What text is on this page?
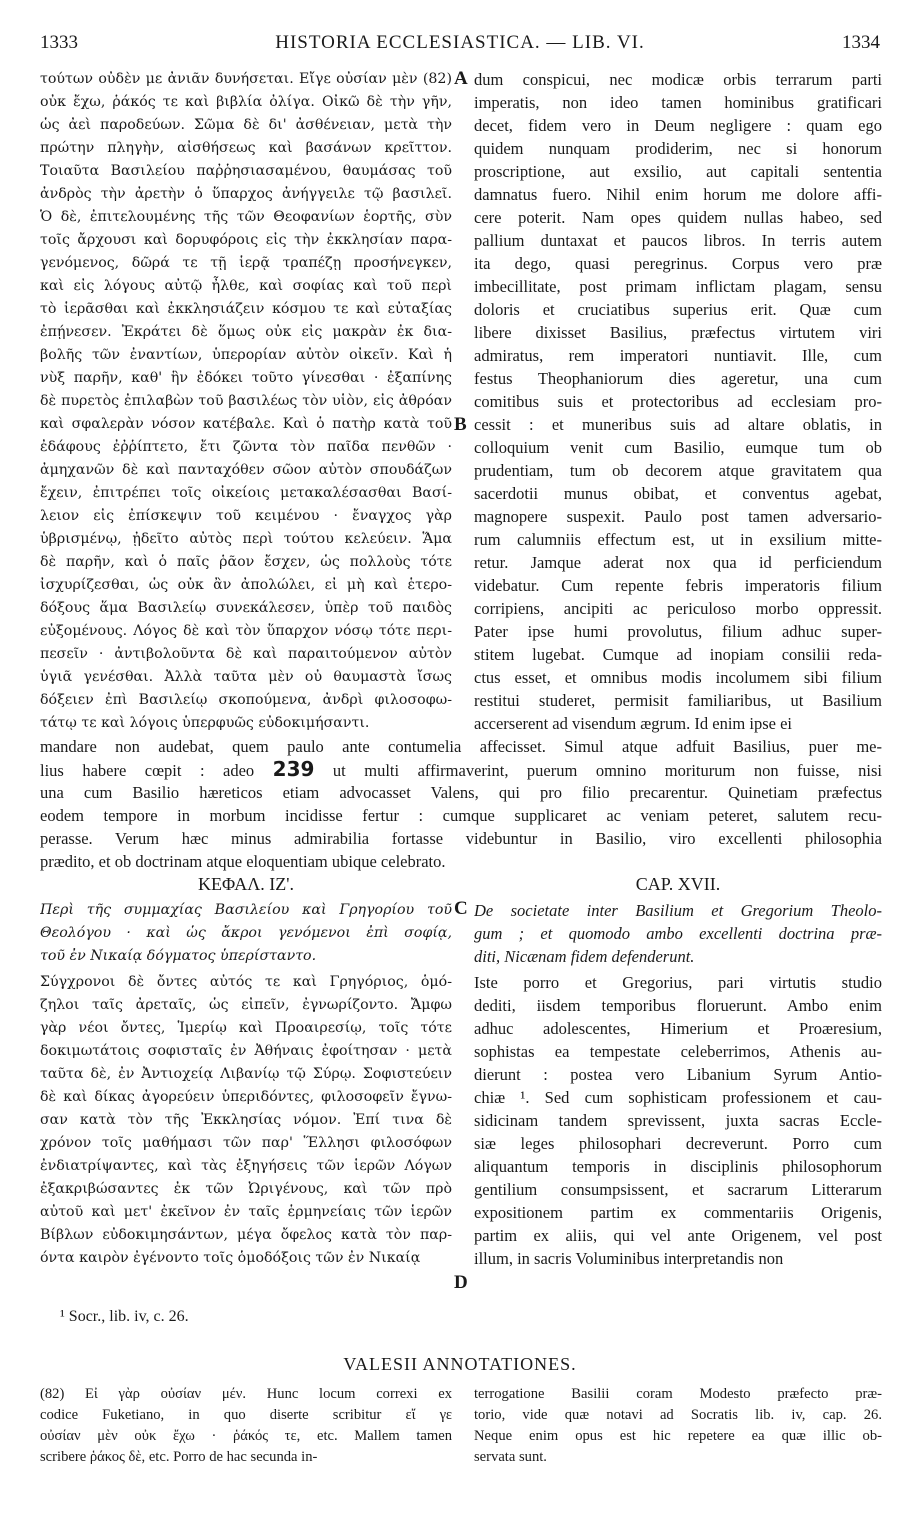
1333	HISTORIA ECCLESIASTICA. — LIB. VI.	1334
τούτων οὐδὲν με ἀνιᾶν δυνήσεται. Εἴγε οὐσίαν μὲν (82)
οὐκ ἔχω, ῥάκός τε καὶ βιβλία ὀλίγα. Οἰκῶ δὲ τὴν γῆν,
ὡς ἀεὶ παροδεύων. Σῶμα δὲ δι' ἀσθένειαν, μετὰ τὴν
πρώτην πληγὴν, αἰσθήσεως καὶ βασάνων κρεῖττον.
Τοιαῦτα Βασιλείου παῤῥησιασαμένου, θαυμάσας τοῦ
ἀνδρὸς τὴν ἀρετὴν ὁ ὕπαρχος ἀνήγγειλε τῷ βασιλεῖ.
Ὁ δὲ, ἐπιτελουμένης τῆς τῶν Θεοφανίων ἑορτῆς, σὺν
τοῖς ἄρχουσι καὶ δορυφόροις εἰς τὴν ἐκκλησίαν παρα-
γενόμενος, δῶρά τε τῇ ἱερᾷ τραπέζῃ προσήνεγκεν,
καὶ εἰς λόγους αὐτῷ ἦλθε, καὶ σοφίας καὶ τοῦ περὶ
τὸ ἱερᾶσθαι καὶ ἐκκλησιάζειν κόσμου τε καὶ εὐταξίας
ἐπῄνεσεν. Ἐκράτει δὲ ὅμως οὐκ εἰς μακρὰν ἐκ δια-
βολῆς τῶν ἐναντίων, ὑπερορίαν αὐτὸν οἰκεῖν. Καὶ ἡ
νὺξ παρῆν, καθ' ἣν ἐδόκει τοῦτο γίνεσθαι · ἐξαπίνης
δὲ πυρετὸς ἐπιλαβὼν τοῦ βασιλέως τὸν υἱὸν, εἰς ἀθρόαν
καὶ σφαλερὰν νόσον κατέβαλε. Καὶ ὁ πατὴρ κατὰ τοῦ
ἐδάφους ἐῤῥίπτετο, ἔτι ζῶντα τὸν παῖδα πενθῶν ·
ἀμηχανῶν δὲ καὶ πανταχόθεν σῶον αὐτὸν σπουδάζων
ἔχειν, ἐπιτρέπει τοῖς οἰκείοις μετακαλέσασθαι Βασί-
λειον εἰς ἐπίσκεψιν τοῦ κειμένου · ἔναγχος γὰρ
ὑβρισμένῳ, ᾐδεῖτο αὐτὸς περὶ τούτου κελεύειν. Ἅμα
δὲ παρῆν, καὶ ὁ παῖς ῥᾶον ἔσχεν, ὡς πολλοὺς τότε
ἰσχυρίζεσθαι, ὡς οὐκ ἂν ἀπολώλει, εἰ μὴ καὶ ἑτερο-
δόξους ἅμα Βασιλείῳ συνεκάλεσεν, ὑπὲρ τοῦ παιδὸς
εὐξομένους. Λόγος δὲ καὶ τὸν ὕπαρχον νόσῳ τότε περι-
πεσεῖν · ἀντιβολοῦντα δὲ καὶ παραιτούμενον αὐτὸν
ὑγιᾶ γενέσθαι. Ἀλλὰ ταῦτα μὲν οὐ θαυμαστὰ ἴσως
δόξειεν ἐπὶ Βασιλείῳ σκοπούμενα, ἀνδρὶ φιλοσοφω-
τάτῳ τε καὶ λόγοις ὑπερφυῶς εὐδοκιμήσαντι.
dum conspicui, nec modicæ orbis terrarum parti
imperatis, non ideo tamen hominibus gratificari
decet, fidem vero in Deum negligere : quam ego
quidem nunquam prodiderim, nec si honorum
proscriptione, aut exsilio, aut capitali sententia
damnatus fuero. Nihil enim horum me dolore affi-
cere poterit. Nam opes quidem nullas habeo, sed
pallium duntaxat et paucos libros. In terris autem
ita dego, quasi peregrinus. Corpus vero præ
imbecillitate, post primam inflictam plagam, sensu
doloris et cruciatibus superius erit. Quæ cum
libere dixisset Basilius, præfectus virtutem viri
admiratus, rem imperatori nuntiavit. Ille, cum
festus Theophaniorum dies ageretur, una cum
comitibus suis et protectoribus ad ecclesiam pro-
cessit : et muneribus suis ad altare oblatis, in
colloquium venit cum Basilio, eumque tum ob
prudentiam, tum ob decorem atque gravitatem qua
sacerdotii munus obibat, et conventus agebat,
magnopere suspexit. Paulo post tamen adversario-
rum calumniis effectum est, ut in exsilium mitte-
retur. Jamque aderat nox qua id perficiendum
videbatur. Cum repente febris imperatoris filium
corripiens, ancipiti ac periculoso morbo oppressit.
Pater ipse humi provolutus, filium adhuc super-
stitem lugebat. Cumque ad inopiam consilii reda-
ctus esset, et omnibus modis incolumem sibi filium
restitui studeret, permisit familiaribus, ut Basilium
accerserent ad visendum ægrum. Id enim ipse ei
A
B
C
D
mandare non audebat, quem paulo ante contumelia affecisset. Simul atque adfuit Basilius, puer me-
lius habere cœpit : adeo 239 ut multi affirmaverint, puerum omnino moriturum non fuisse, nisi
una cum Basilio hæreticos etiam advocasset Valens, qui pro filio precarentur. Quinetiam præfectus
eodem tempore in morbum incidisse fertur : cumque supplicaret ac veniam peteret, salutem recu-
perasse. Verum hæc minus admirabilia fortasse videbuntur in Basilio, viro excellenti philosophia
prædito, et ob doctrinam atque eloquentiam ubique celebrato.
ΚΕΦΑΛ. ΙΖ'.	CAP. XVII.
Περὶ τῆς συμμαχίας Βασιλείου καὶ Γρηγορίου τοῦ
Θεολόγου · καὶ ὡς ἄκροι γενόμενοι ἐπὶ σοφίᾳ,
τοῦ ἐν Νικαίᾳ δόγματος ὑπερίσταντο.
De societate inter Basilium et Gregorium Theolo-
gum ; et quomodo ambo excellenti doctrina præ-
diti, Nicænam fidem defenderunt.
Σύγχρονοι δὲ ὄντες αὐτός τε καὶ Γρηγόριος, ὁμό-
ζηλοι ταῖς ἀρεταῖς, ὡς εἰπεῖν, ἐγνωρίζοντο. Ἄμφω
γὰρ νέοι ὄντες, Ἱμερίῳ καὶ Προαιρεσίῳ, τοῖς τότε
δοκιμωτάτοις σοφισταῖς ἐν Ἀθήναις ἐφοίτησαν · μετὰ
ταῦτα δὲ, ἐν Ἀντιοχείᾳ Λιβανίῳ τῷ Σύρῳ. Σοφιστεύειν
δὲ καὶ δίκας ἀγορεύειν ὑπεριδόντες, φιλοσοφεῖν ἔγνω-
σαν κατὰ τὸν τῆς Ἐκκλησίας νόμον. Ἐπί τινα δὲ
χρόνον τοῖς μαθήμασι τῶν παρ' Ἕλλησι φιλοσόφων
ἐνδιατρίψαντες, καὶ τὰς ἐξηγήσεις τῶν ἱερῶν Λόγων
ἐξακριβώσαντες ἐκ τῶν Ὠριγένους, καὶ τῶν πρὸ
αὐτοῦ καὶ μετ' ἐκεῖνον ἐν ταῖς ἑρμηνείαις τῶν ἱερῶν
Βίβλων εὐδοκιμησάντων, μέγα ὄφελος κατὰ τὸν παρ-
όντα καιρὸν ἐγένοντο τοῖς ὁμοδόξοις τῶν ἐν Νικαίᾳ
Iste porro et Gregorius, pari virtutis studio
dediti, iisdem temporibus floruerunt. Ambo enim
adhuc adolescentes, Himerium et Proæresium,
sophistas ea tempestate celeberrimos, Athenis au-
dierunt : postea vero Libanium Syrum Antio-
chiæ ¹. Sed cum sophisticam professionem et cau-
sidicinam tandem sprevissent, juxta sacras Eccle-
siæ leges philosophari decreverunt. Porro cum
aliquantum temporis in disciplinis philosophorum
gentilium consumpsissent, et sacrarum Litterarum
expositionem partim ex commentariis Origenis,
partim ex aliis, qui vel ante Origenem, vel post
illum, in sacris Voluminibus interpretandis non
¹ Socr., lib. iv, c. 26.
VALESII ANNOTATIONES.
(82) Εἰ γὰρ οὐσίαν μέν. Hunc locum correxi ex
codice Fuketiano, in quo diserte scribitur εἴ γε
οὐσίαν μὲν οὐκ ἔχω · ῥάκός τε, etc. Mallem tamen
scribere ῥάκος δὲ, etc. Porro de hac secunda in-
terrogatione Basilii coram Modesto præfecto præ-
torio, vide quæ notavi ad Socratis lib. iv, cap. 26.
Neque enim opus est hic repetere ea quæ illic ob-
servata sunt.
